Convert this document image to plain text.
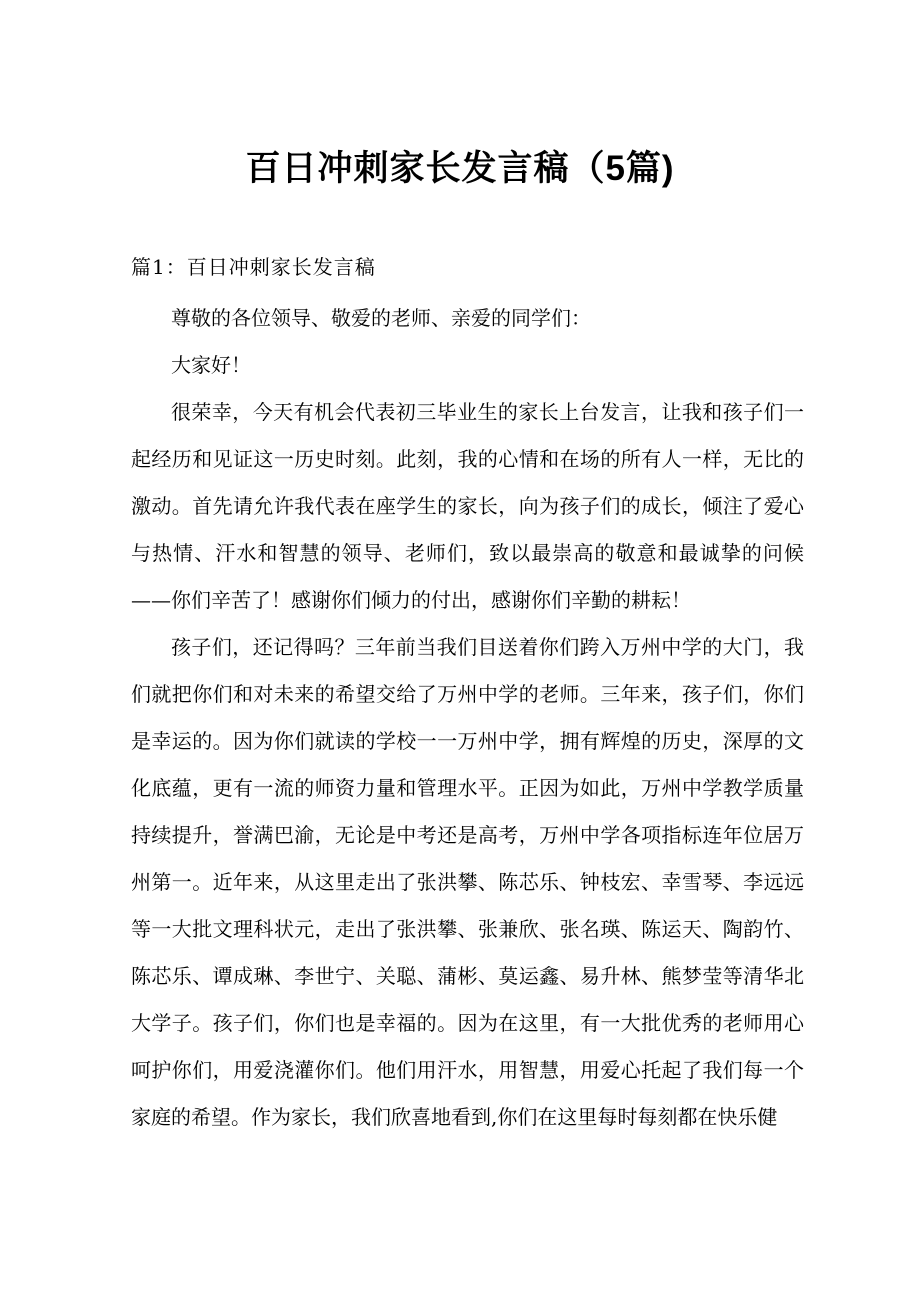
百日冲刺家长发言稿（5篇)
篇1：百日冲刺家长发言稿

尊敬的各位领导、敬爱的老师、亲爱的同学们：

大家好！

很荣幸，今天有机会代表初三毕业生的家长上台发言，让我和孩子们一起经历和见证这一历史时刻。此刻，我的心情和在场的所有人一样，无比的激动。首先请允许我代表在座学生的家长，向为孩子们的成长，倾注了爱心与热情、汗水和智慧的领导、老师们，致以最崇高的敬意和最诚挚的问候——你们辛苦了！感谢你们倾力的付出，感谢你们辛勤的耕耘！

孩子们，还记得吗？三年前当我们目送着你们跨入万州中学的大门，我们就把你们和对未来的希望交给了万州中学的老师。三年来，孩子们，你们是幸运的。因为你们就读的学校一一万州中学，拥有辉煌的历史，深厚的文化底蕴，更有一流的师资力量和管理水平。正因为如此，万州中学教学质量持续提升，誉满巴渝，无论是中考还是高考，万州中学各项指标连年位居万州第一。近年来，从这里走出了张洪攀、陈芯乐、钟枝宏、幸雪琴、李远远等一大批文理科状元，走出了张洪攀、张兼欣、张名瑛、陈运天、陶韵竹、陈芯乐、谭成琳、李世宁、关聪、蒲彬、莫运鑫、易升林、熊梦莹等清华北大学子。孩子们，你们也是幸福的。因为在这里，有一大批优秀的老师用心呵护你们，用爱浇灌你们。他们用汗水，用智慧，用爱心托起了我们每一个家庭的希望。作为家长，我们欣喜地看到,你们在这里每时每刻都在快乐健
